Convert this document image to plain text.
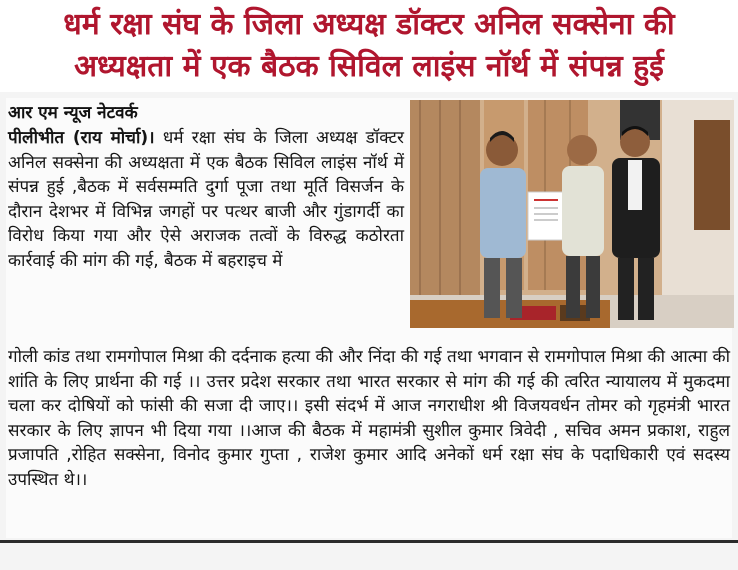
धर्म रक्षा संघ के जिला अध्यक्ष डॉक्टर अनिल सक्सेना की
अध्यक्षता में एक बैठक सिविल लाइंस नॉर्थ में संपन्न हुई
आर एम न्यूज नेटवर्क
पीलीभीत (राय मोर्चा)। धर्म रक्षा संघ के जिला अध्यक्ष डॉक्टर अनिल सक्सेना की अध्यक्षता में एक बैठक सिविल लाइंस नॉर्थ में संपन्न हुई ,बैठक में सर्वसम्मति दुर्गा पूजा तथा मूर्ति विसर्जन के दौरान देशभर में विभिन्न जगहों पर पत्थर बाजी और गुंडागर्दी का विरोध किया गया और ऐसे अराजक तत्वों के विरुद्ध कठोरता कार्रवाई की मांग की गई, बैठक में बहराइच में
गोली कांड तथा रामगोपाल मिश्रा की दर्दनाक हत्या की और निंदा की गई तथा भगवान से रामगोपाल मिश्रा की आत्मा की शांति के लिए प्रार्थना की गई ।। उत्तर प्रदेश सरकार तथा भारत सरकार से मांग की गई की त्वरित न्यायालय में मुकदमा चला कर दोषियों को फांसी की सजा दी जाए।। इसी संदर्भ में आज नगराधीश श्री विजयवर्धन तोमर को गृहमंत्री भारत सरकार के लिए ज्ञापन भी दिया गया ।।आज की बैठक में महामंत्री सुशील कुमार त्रिवेदी , सचिव अमन प्रकाश, राहुल प्रजापति ,रोहित सक्सेना, विनोद कुमार गुप्ता , राजेश कुमार आदि अनेकों धर्म रक्षा संघ के पदाधिकारी एवं सदस्य उपस्थित थे।।
